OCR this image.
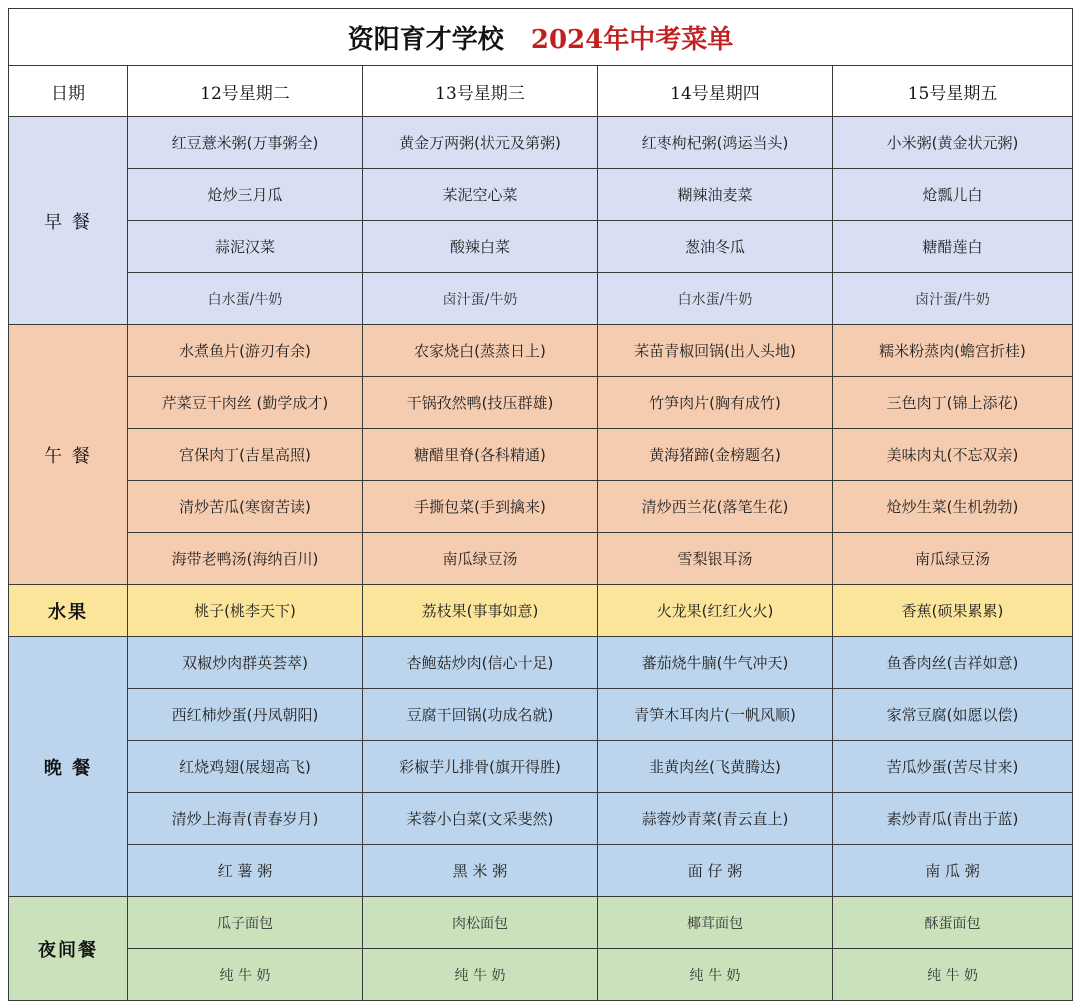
资阳育才学校 2024年中考菜单				
日期	12号星期二	13号星期三	14号星期四	15号星期五
早 餐	红豆薏米粥(万事粥全)	黄金万两粥(状元及第粥)	红枣枸杞粥(鸿运当头)	小米粥(黄金状元粥)
	炝炒三月瓜	䒩泥空心菜	糊辣油麦菜	炝瓢儿白
	蒜泥汉菜	酸辣白菜	葱油冬瓜	糖醋莲白
	白水蛋/牛奶	卤汁蛋/牛奶	白水蛋/牛奶	卤汁蛋/牛奶
午 餐	水煮鱼片(游刃有余)	农家烧白(蒸蒸日上)	䒩苗青椒回锅(出人头地)	糯米粉蒸肉(蟾宫折桂)
	芹菜豆干肉丝 (勤学成才)	干锅孜然鸭(技压群雄)	竹笋肉片(胸有成竹)	三色肉丁(锦上添花)
	宫保肉丁(吉星高照)	糖醋里脊(各科精通)	黄海猪蹄(金榜题名)	美味肉丸(不忘双亲)
	清炒苦瓜(寒窗苦读)	手撕包菜(手到擒来)	清炒西兰花(落笔生花)	炝炒生菜(生机勃勃)
	海带老鸭汤(海纳百川)	南瓜绿豆汤	雪梨银耳汤	南瓜绿豆汤
水果	桃子(桃李天下)	荔枝果(事事如意)	火龙果(红红火火)	香蕉(硕果累累)
晚 餐	双椒炒肉群英荟萃)	杏鲍菇炒肉(信心十足)	蕃茄烧牛腩(牛气冲天)	鱼香肉丝(吉祥如意)
	西红柿炒蛋(丹凤朝阳)	豆腐干回锅(功成名就)	青笋木耳肉片(一帆风顺)	家常豆腐(如愿以偿)
	红烧鸡翅(展翅高飞)	彩椒芋儿排骨(旗开得胜)	韭黄肉丝(飞黄腾达)	苦瓜炒蛋(苦尽甘来)
	清炒上海青(青春岁月)	䒩蓉小白菜(文采斐然)	蒜蓉炒青菜(青云直上)	素炒青瓜(青出于蓝)
	红 薯 粥	黑 米 粥	面 仔 粥	南 瓜 粥
夜间餐	瓜子面包	肉松面包	椰茸面包	酥蛋面包
	纯 牛 奶	纯 牛 奶	纯 牛 奶	纯 牛 奶
